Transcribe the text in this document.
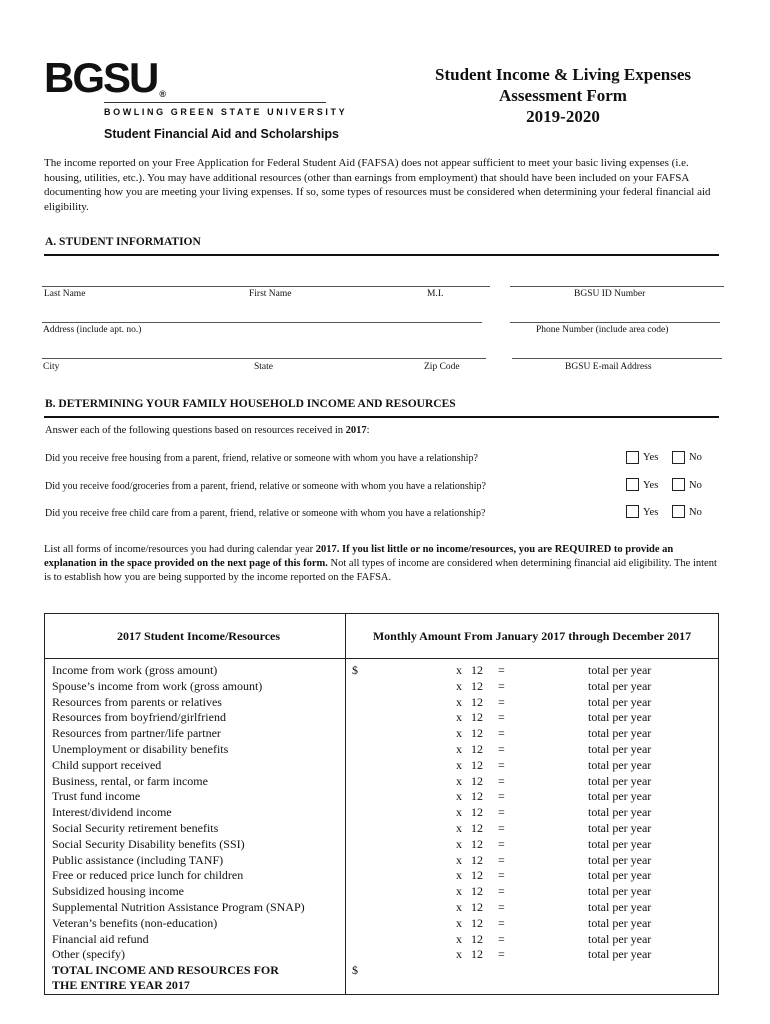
BGSU ®
BOWLING GREEN STATE UNIVERSITY
Student Financial Aid and Scholarships
Student Income & Living Expenses
Assessment Form
2019-2020
The income reported on your Free Application for Federal Student Aid (FAFSA) does not appear sufficient to meet your basic living expenses (i.e. housing, utilities, etc.). You may have additional resources (other than earnings from employment) that should have been included on your FAFSA documenting how you are meeting your living expenses. If so, some types of resources must be considered when determining your federal financial aid eligibility.
A. STUDENT INFORMATION
Last Name	First Name	M.I.	BGSU ID Number
Address (include apt. no.)	Phone Number (include area code)
City	State	Zip Code	BGSU E-mail Address
B. DETERMINING YOUR FAMILY HOUSEHOLD INCOME AND RESOURCES
Answer each of the following questions based on resources received in 2017:
Did you receive free housing from a parent, friend, relative or someone with whom you have a relationship?	Yes	No
Did you receive food/groceries from a parent, friend, relative or someone with whom you have a relationship?	Yes	No
Did you receive free child care from a parent, friend, relative or someone with whom you have a relationship?	Yes	No
List all forms of income/resources you had during calendar year 2017. If you list little or no income/resources, you are REQUIRED to provide an explanation in the space provided on the next page of this form. Not all types of income are considered when determining financial aid eligibility. The intent is to establish how you are being supported by the income reported on the FAFSA.
2017 Student Income/Resources	Monthly Amount From January 2017 through December 2017
Income from work (gross amount)	$ x   12 = total per year

Spouse’s income from work (gross amount)	x   12 = total per year

Resources from parents or relatives	x   12 = total per year

Resources from boyfriend/girlfriend	x   12 = total per year

Resources from partner/life partner	x   12 = total per year

Unemployment or disability benefits	x   12 = total per year

Child support received	x   12 = total per year

Business, rental, or farm income	x   12 = total per year

Trust fund income	x   12 = total per year

Interest/dividend income	x   12 = total per year

Social Security retirement benefits	x   12 = total per year

Social Security Disability benefits (SSI)	x   12 = total per year

Public assistance (including TANF)	x   12 = total per year

Free or reduced price lunch for children	x   12 = total per year

Subsidized housing income	x   12 = total per year

Supplemental Nutrition Assistance Program (SNAP)	x   12 = total per year

Veteran’s benefits (non-education)	x   12 = total per year

Financial aid refund	x   12 = total per year

Other (specify)	x   12 = total per year

TOTAL INCOME AND RESOURCES FOR
THE ENTIRE YEAR 2017	$
